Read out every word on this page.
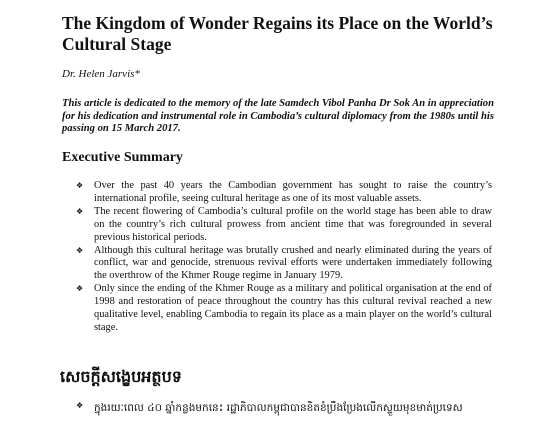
The Kingdom of Wonder Regains its Place on the World’s Cultural Stage

Dr. Helen Jarvis*

This article is dedicated to the memory of the late Samdech Vibol Panha Dr Sok An in appreciation for his dedication and instrumental role in Cambodia’s cultural diplomacy from the 1980s until his passing on 15 March 2017.

Executive Summary
❖ Over the past 40 years the Cambodian government has sought to raise the country’s international profile, seeing cultural heritage as one of its most valuable assets.
❖ The recent flowering of Cambodia’s cultural profile on the world stage has been able to draw on the country’s rich cultural prowess from ancient time that was foregrounded in several previous historical periods.
❖ Although this cultural heritage was brutally crushed and nearly eliminated during the years of conflict, war and genocide, strenuous revival efforts were undertaken immediately following the overthrow of the Khmer Rouge regime in January 1979.
❖ Only since the ending of the Khmer Rouge as a military and political organisation at the end of 1998 and restoration of peace throughout the country has this cultural revival reached a new qualitative level, enabling Cambodia to regain its place as a main player on the world’s cultural stage.
សេចក្តីសង្ខេបអត្ថបទ
❖ ក្នុងរយៈពេល ៤០ ឆ្នាំកន្លងមកនេះ រដ្ឋាភិបាលកម្ពុជាបានខិតខំប្រឹងប្រែងលើកស្ទួយមុខមាត់ប្រទេស
